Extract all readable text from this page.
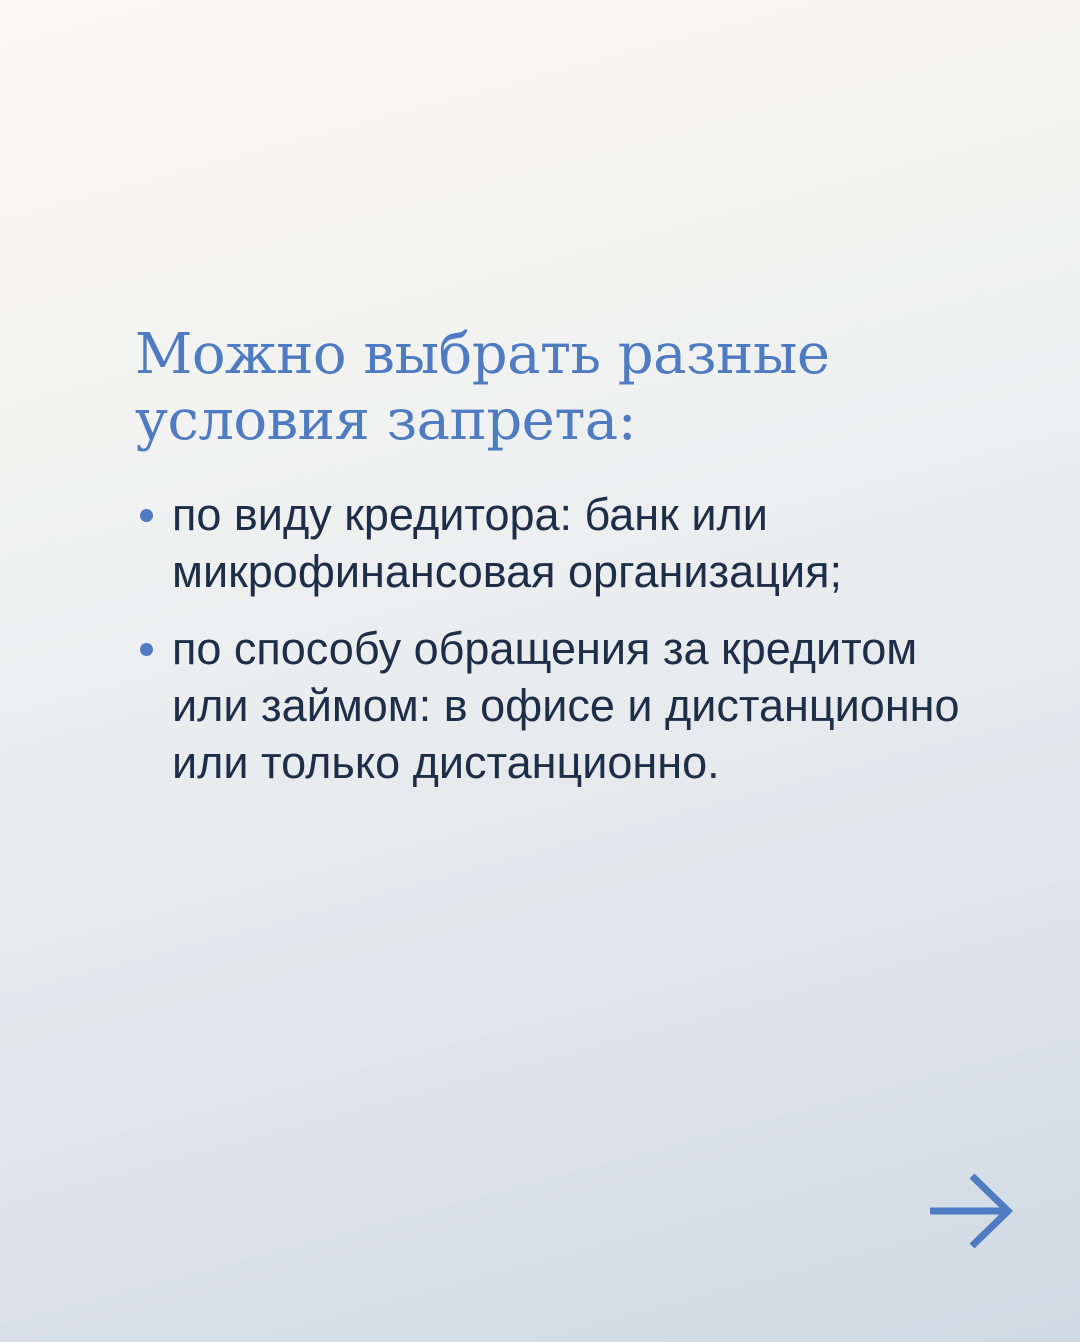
Можно выбрать разные
условия запрета:
по виду кредитора: банк или
микрофинансовая организация;
по способу обращения за кредитом
или займом: в офисе и дистанционно
или только дистанционно.
